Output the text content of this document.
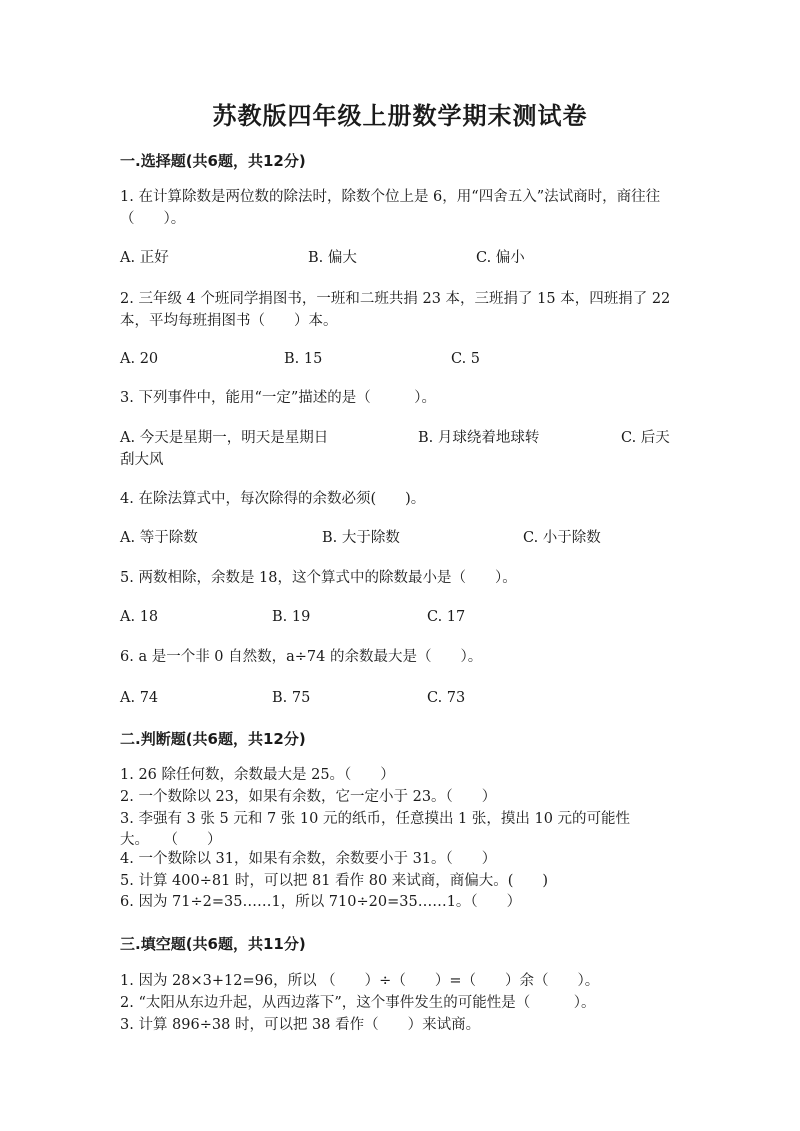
苏教版四年级上册数学期末测试卷
一.选择题(共6题，共12分)
1. 在计算除数是两位数的除法时，除数个位上是 6，用“四舍五入”法试商时，商往往（　　）。
A. 正好	B. 偏大	C. 偏小
2. 三年级 4 个班同学捐图书，一班和二班共捐 23 本，三班捐了 15 本，四班捐了 22 本，平均每班捐图书（　　）本。
A. 20	B. 15	C. 5
3. 下列事件中，能用“一定”描述的是（　　　）。
A. 今天是星期一，明天是星期日	B. 月球绕着地球转	C. 后天
刮大风
4. 在除法算式中，每次除得的余数必须(　　)。
A. 等于除数	B. 大于除数	C. 小于除数
5. 两数相除，余数是 18，这个算式中的除数最小是（　　）。
A. 18	B. 19	C. 17
6. a 是一个非 0 自然数，a÷74 的余数最大是（　　）。
A. 74	B. 75	C. 73
二.判断题(共6题，共12分)
1. 26 除任何数，余数最大是 25。（　　）
2. 一个数除以 23，如果有余数，它一定小于 23。（　　）
3. 李强有 3 张 5 元和 7 张 10 元的纸币，任意摸出 1 张，摸出 10 元的可能性
大。　　（　　）
4. 一个数除以 31，如果有余数，余数要小于 31。（　　）
5. 计算 400÷81 时，可以把 81 看作 80 来试商，商偏大。(　　)
6. 因为 71÷2=35……1，所以 710÷20=35……1。（　　）
三.填空题(共6题，共11分)
1. 因为 28×3+12=96，所以 （　　）÷（　　）=（　　）余（　　）。
2. “太阳从东边升起，从西边落下”，这个事件发生的可能性是（　　　）。
3. 计算 896÷38 时，可以把 38 看作（　　）来试商。
